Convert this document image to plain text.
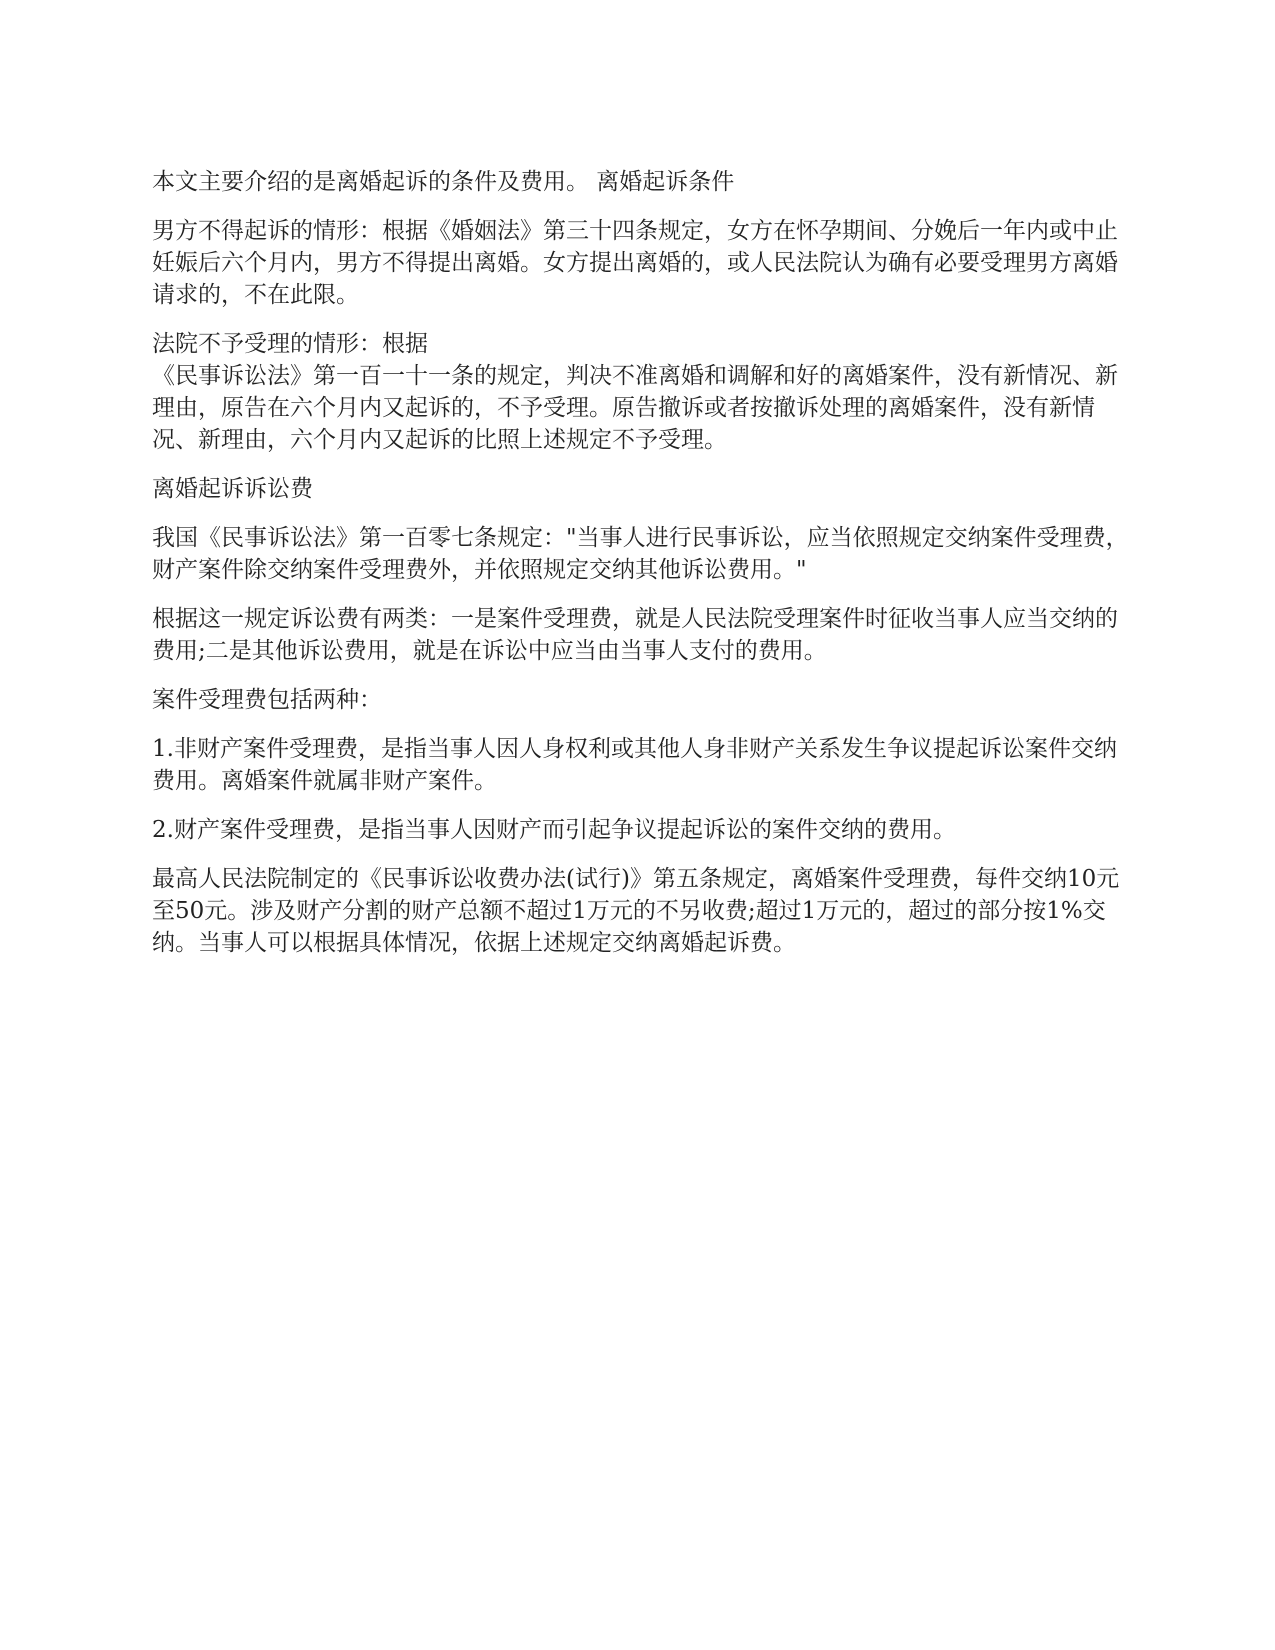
本文主要介绍的是离婚起诉的条件及费用。 离婚起诉条件

男方不得起诉的情形：根据《婚姻法》第三十四条规定，女方在怀孕期间、分娩后一年内或中止妊娠后六个月内，男方不得提出离婚。女方提出离婚的，或人民法院认为确有必要受理男方离婚请求的，不在此限。

法院不予受理的情形：根据
《民事诉讼法》第一百一十一条的规定，判决不准离婚和调解和好的离婚案件，没有新情况、新理由，原告在六个月内又起诉的，不予受理。原告撤诉或者按撤诉处理的离婚案件，没有新情况、新理由，六个月内又起诉的比照上述规定不予受理。

离婚起诉诉讼费

我国《民事诉讼法》第一百零七条规定："当事人进行民事诉讼，应当依照规定交纳案件受理费，财产案件除交纳案件受理费外，并依照规定交纳其他诉讼费用。"

根据这一规定诉讼费有两类：一是案件受理费，就是人民法院受理案件时征收当事人应当交纳的费用;二是其他诉讼费用，就是在诉讼中应当由当事人支付的费用。

案件受理费包括两种：

1.非财产案件受理费，是指当事人因人身权利或其他人身非财产关系发生争议提起诉讼案件交纳费用。离婚案件就属非财产案件。

2.财产案件受理费，是指当事人因财产而引起争议提起诉讼的案件交纳的费用。

最高人民法院制定的《民事诉讼收费办法(试行)》第五条规定，离婚案件受理费，每件交纳10元至50元。涉及财产分割的财产总额不超过1万元的不另收费;超过1万元的，超过的部分按1%交纳。当事人可以根据具体情况，依据上述规定交纳离婚起诉费。
